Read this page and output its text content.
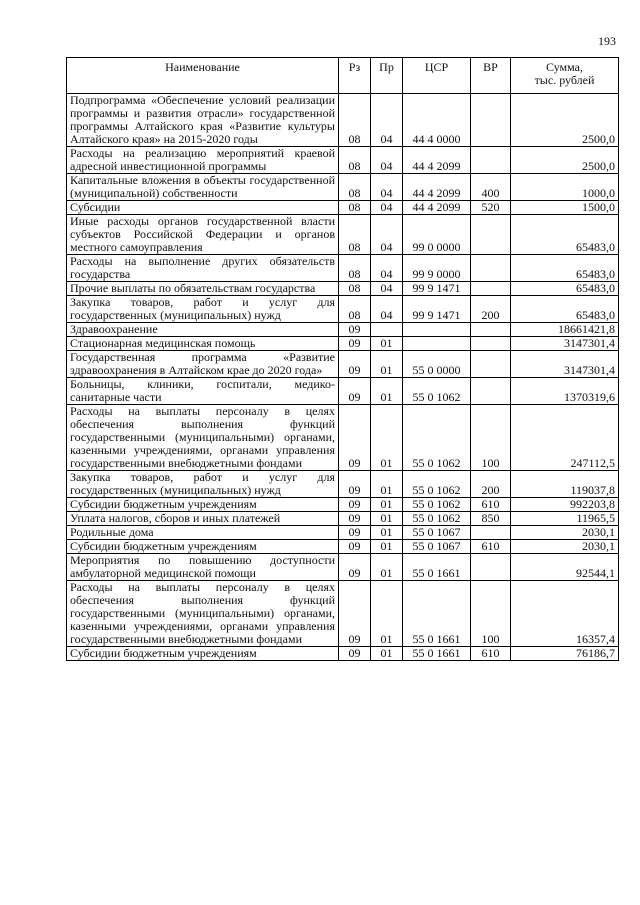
193
Наименование	Рз	Пр	ЦСР	ВР	Сумма,
тыс. рублей
Подпрограмма «Обеспечение условий реализации программы и развития отрасли» государственной программы Алтайского края «Развитие культуры Алтайского края» на 2015-2020 годы	08	04	44 4 0000		2500,0
Расходы на реализацию мероприятий краевой адресной инвестиционной программы	08	04	44 4 2099		2500,0
Капитальные вложения в объекты государственной (муниципальной) собственности	08	04	44 4 2099	400	1000,0
Субсидии	08	04	44 4 2099	520	1500,0
Иные расходы органов государственной власти субъектов Российской Федерации и органов местного самоуправления	08	04	99 0 0000		65483,0
Расходы на выполнение других обязательств государства	08	04	99 9 0000		65483,0
Прочие выплаты по обязательствам государства	08	04	99 9 1471		65483,0
Закупка товаров, работ и услуг для государственных (муниципальных) нужд	08	04	99 9 1471	200	65483,0
Здравоохранение	09				18661421,8
Стационарная медицинская помощь	09	01			3147301,4
Государственная программа «Развитие здравоохранения в Алтайском крае до 2020 года»	09	01	55 0 0000		3147301,4
Больницы, клиники, госпитали, медико-санитарные части	09	01	55 0 1062		1370319,6
Расходы на выплаты персоналу в целях обеспечения выполнения функций государственными (муниципальными) органами, казенными учреждениями, органами управления государственными внебюджетными фондами	09	01	55 0 1062	100	247112,5
Закупка товаров, работ и услуг для государственных (муниципальных) нужд	09	01	55 0 1062	200	119037,8
Субсидии бюджетным учреждениям	09	01	55 0 1062	610	992203,8
Уплата налогов, сборов и иных платежей	09	01	55 0 1062	850	11965,5
Родильные дома	09	01	55 0 1067		2030,1
Субсидии бюджетным учреждениям	09	01	55 0 1067	610	2030,1
Мероприятия по повышению доступности амбулаторной медицинской помощи	09	01	55 0 1661		92544,1
Расходы на выплаты персоналу в целях обеспечения выполнения функций государственными (муниципальными) органами, казенными учреждениями, органами управления государственными внебюджетными фондами	09	01	55 0 1661	100	16357,4
Субсидии бюджетным учреждениям	09	01	55 0 1661	610	76186,7
